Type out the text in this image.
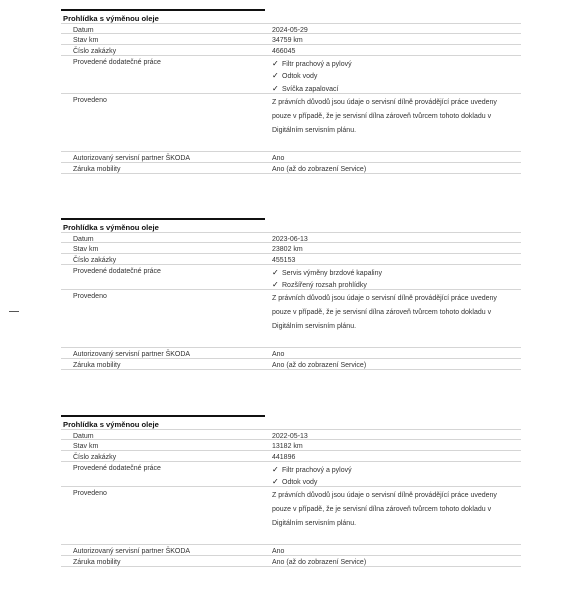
Prohlídka s výměnou oleje
Datum	2024-05-29
Stav km	34759 km
Číslo zakázky	466045
Provedené dodatečné práce	✓ Filtr prachový a pylový
✓ Odtok vody
✓ Svíčka zapalovací
Provedeno	Z právních důvodů jsou údaje o servisní dílně provádějící práce uvedeny
pouze v případě, že je servisní dílna zároveň tvůrcem tohoto dokladu v
Digitálním servisním plánu.
Autorizovaný servisní partner ŠKODA	Ano
Záruka mobility	Ano (až do zobrazení Service)
Prohlídka s výměnou oleje
Datum	2023-06-13
Stav km	23802 km
Číslo zakázky	455153
Provedené dodatečné práce	✓ Servis výměny brzdové kapaliny
✓ Rozšířený rozsah prohlídky
Provedeno	Z právních důvodů jsou údaje o servisní dílně provádějící práce uvedeny
pouze v případě, že je servisní dílna zároveň tvůrcem tohoto dokladu v
Digitálním servisním plánu.
Autorizovaný servisní partner ŠKODA	Ano
Záruka mobility	Ano (až do zobrazení Service)
Prohlídka s výměnou oleje
Datum	2022-05-13
Stav km	13182 km
Číslo zakázky	441896
Provedené dodatečné práce	✓ Filtr prachový a pylový
✓ Odtok vody
Provedeno	Z právních důvodů jsou údaje o servisní dílně provádějící práce uvedeny
pouze v případě, že je servisní dílna zároveň tvůrcem tohoto dokladu v
Digitálním servisním plánu.
Autorizovaný servisní partner ŠKODA	Ano
Záruka mobility	Ano (až do zobrazení Service)
